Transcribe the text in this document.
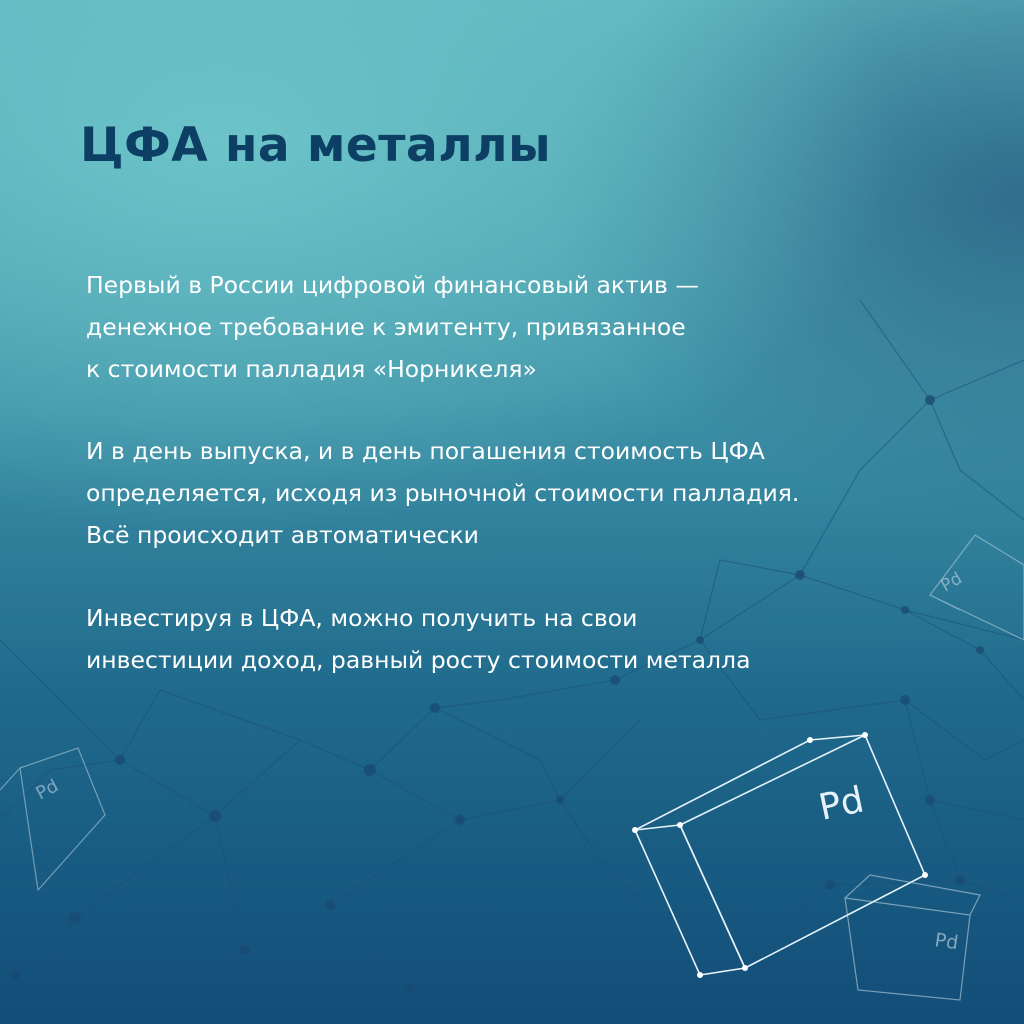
Pd
Pd
Pd
Pd
ЦФА на металлы

Первый в России цифровой финансовый актив —
денежное требование к эмитенту, привязанное
к стоимости палладия «Норникеля»

И в день выпуска, и в день погашения стоимость ЦФА
определяется, исходя из рыночной стоимости палладия.
Всё происходит автоматически

Инвестируя в ЦФА, можно получить на свои
инвестиции доход, равный росту стоимости металла
